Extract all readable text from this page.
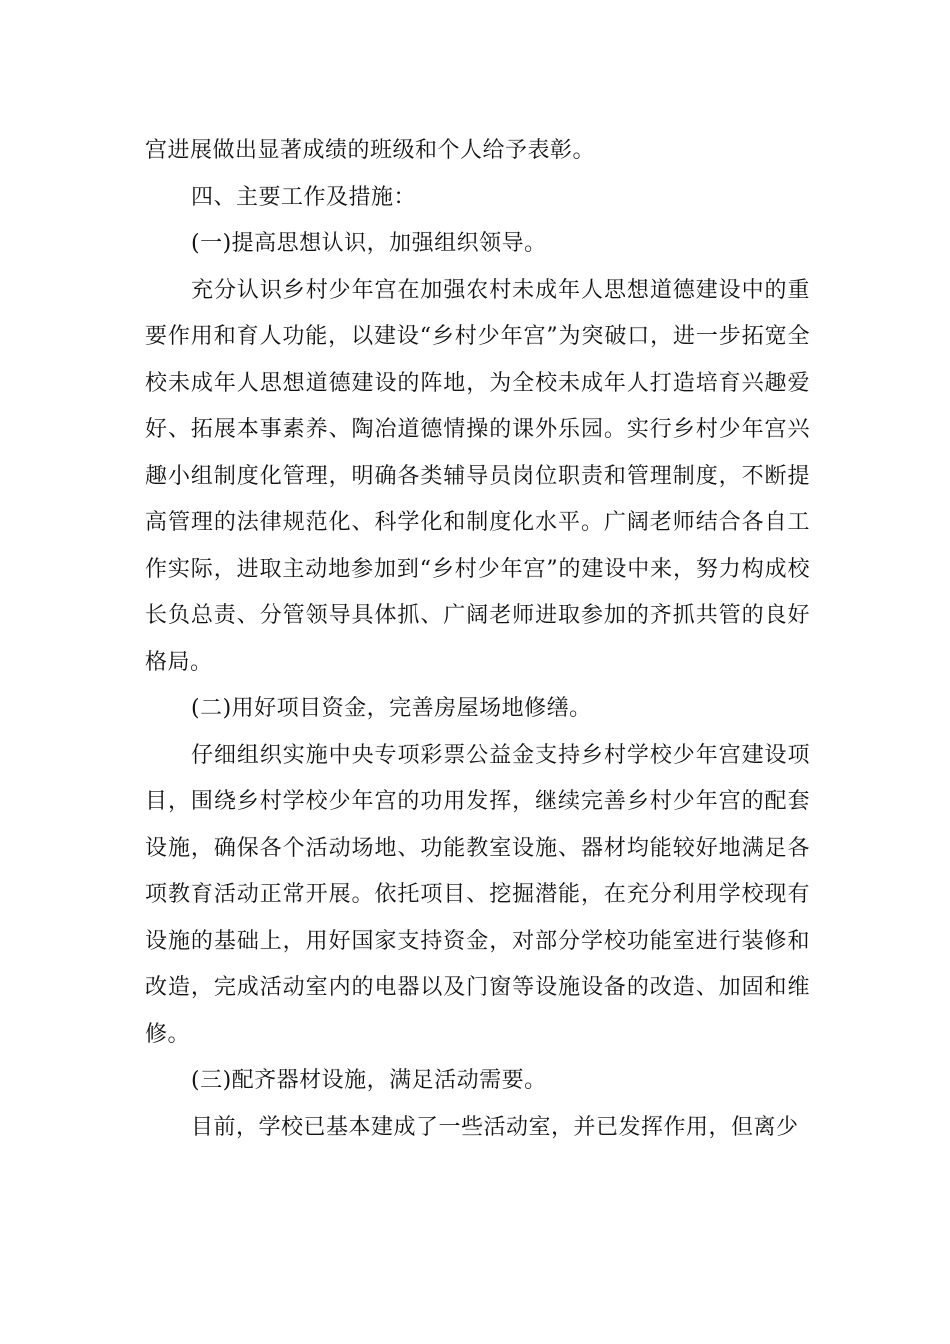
宫进展做出显著成绩的班级和个人给予表彰。

四、主要工作及措施：

(一)提高思想认识，加强组织领导。

充分认识乡村少年宫在加强农村未成年人思想道德建设中的重要作用和育人功能，以建设“乡村少年宫”为突破口，进一步拓宽全校未成年人思想道德建设的阵地，为全校未成年人打造培育兴趣爱好、拓展本事素养、陶冶道德情操的课外乐园。实行乡村少年宫兴趣小组制度化管理，明确各类辅导员岗位职责和管理制度，不断提高管理的法律规范化、科学化和制度化水平。广阔老师结合各自工作实际，进取主动地参加到“乡村少年宫”的建设中来，努力构成校长负总责、分管领导具体抓、广阔老师进取参加的齐抓共管的良好格局。

(二)用好项目资金，完善房屋场地修缮。

仔细组织实施中央专项彩票公益金支持乡村学校少年宫建设项目，围绕乡村学校少年宫的功用发挥，继续完善乡村少年宫的配套设施，确保各个活动场地、功能教室设施、器材均能较好地满足各项教育活动正常开展。依托项目、挖掘潜能，在充分利用学校现有设施的基础上，用好国家支持资金，对部分学校功能室进行装修和改造，完成活动室内的电器以及门窗等设施设备的改造、加固和维修。

(三)配齐器材设施，满足活动需要。

目前，学校已基本建成了一些活动室，并已发挥作用，但离少
